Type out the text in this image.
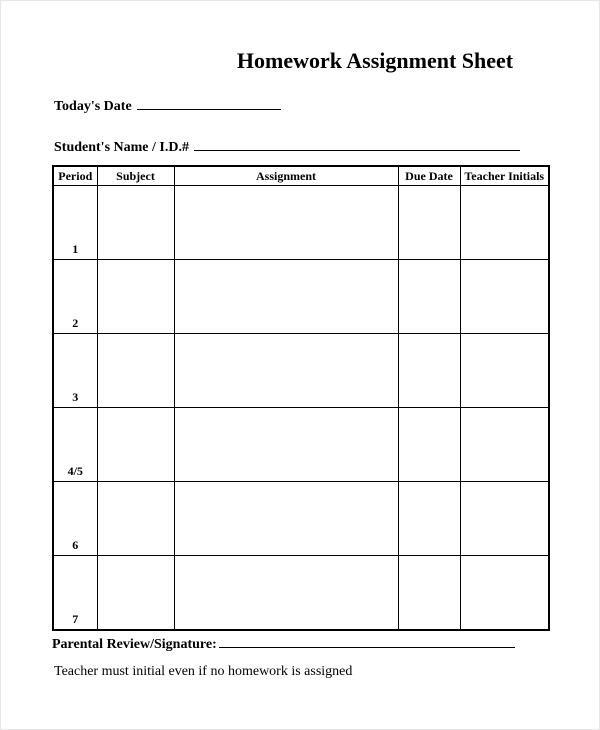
Homework Assignment Sheet
Today's Date
Student's Name / I.D.#
Period	Subject	Assignment	Due Date	Teacher Initials
1				
2				
3				
4/5				
6				
7				
Parental Review/Signature:
Teacher must initial even if no homework is assigned
